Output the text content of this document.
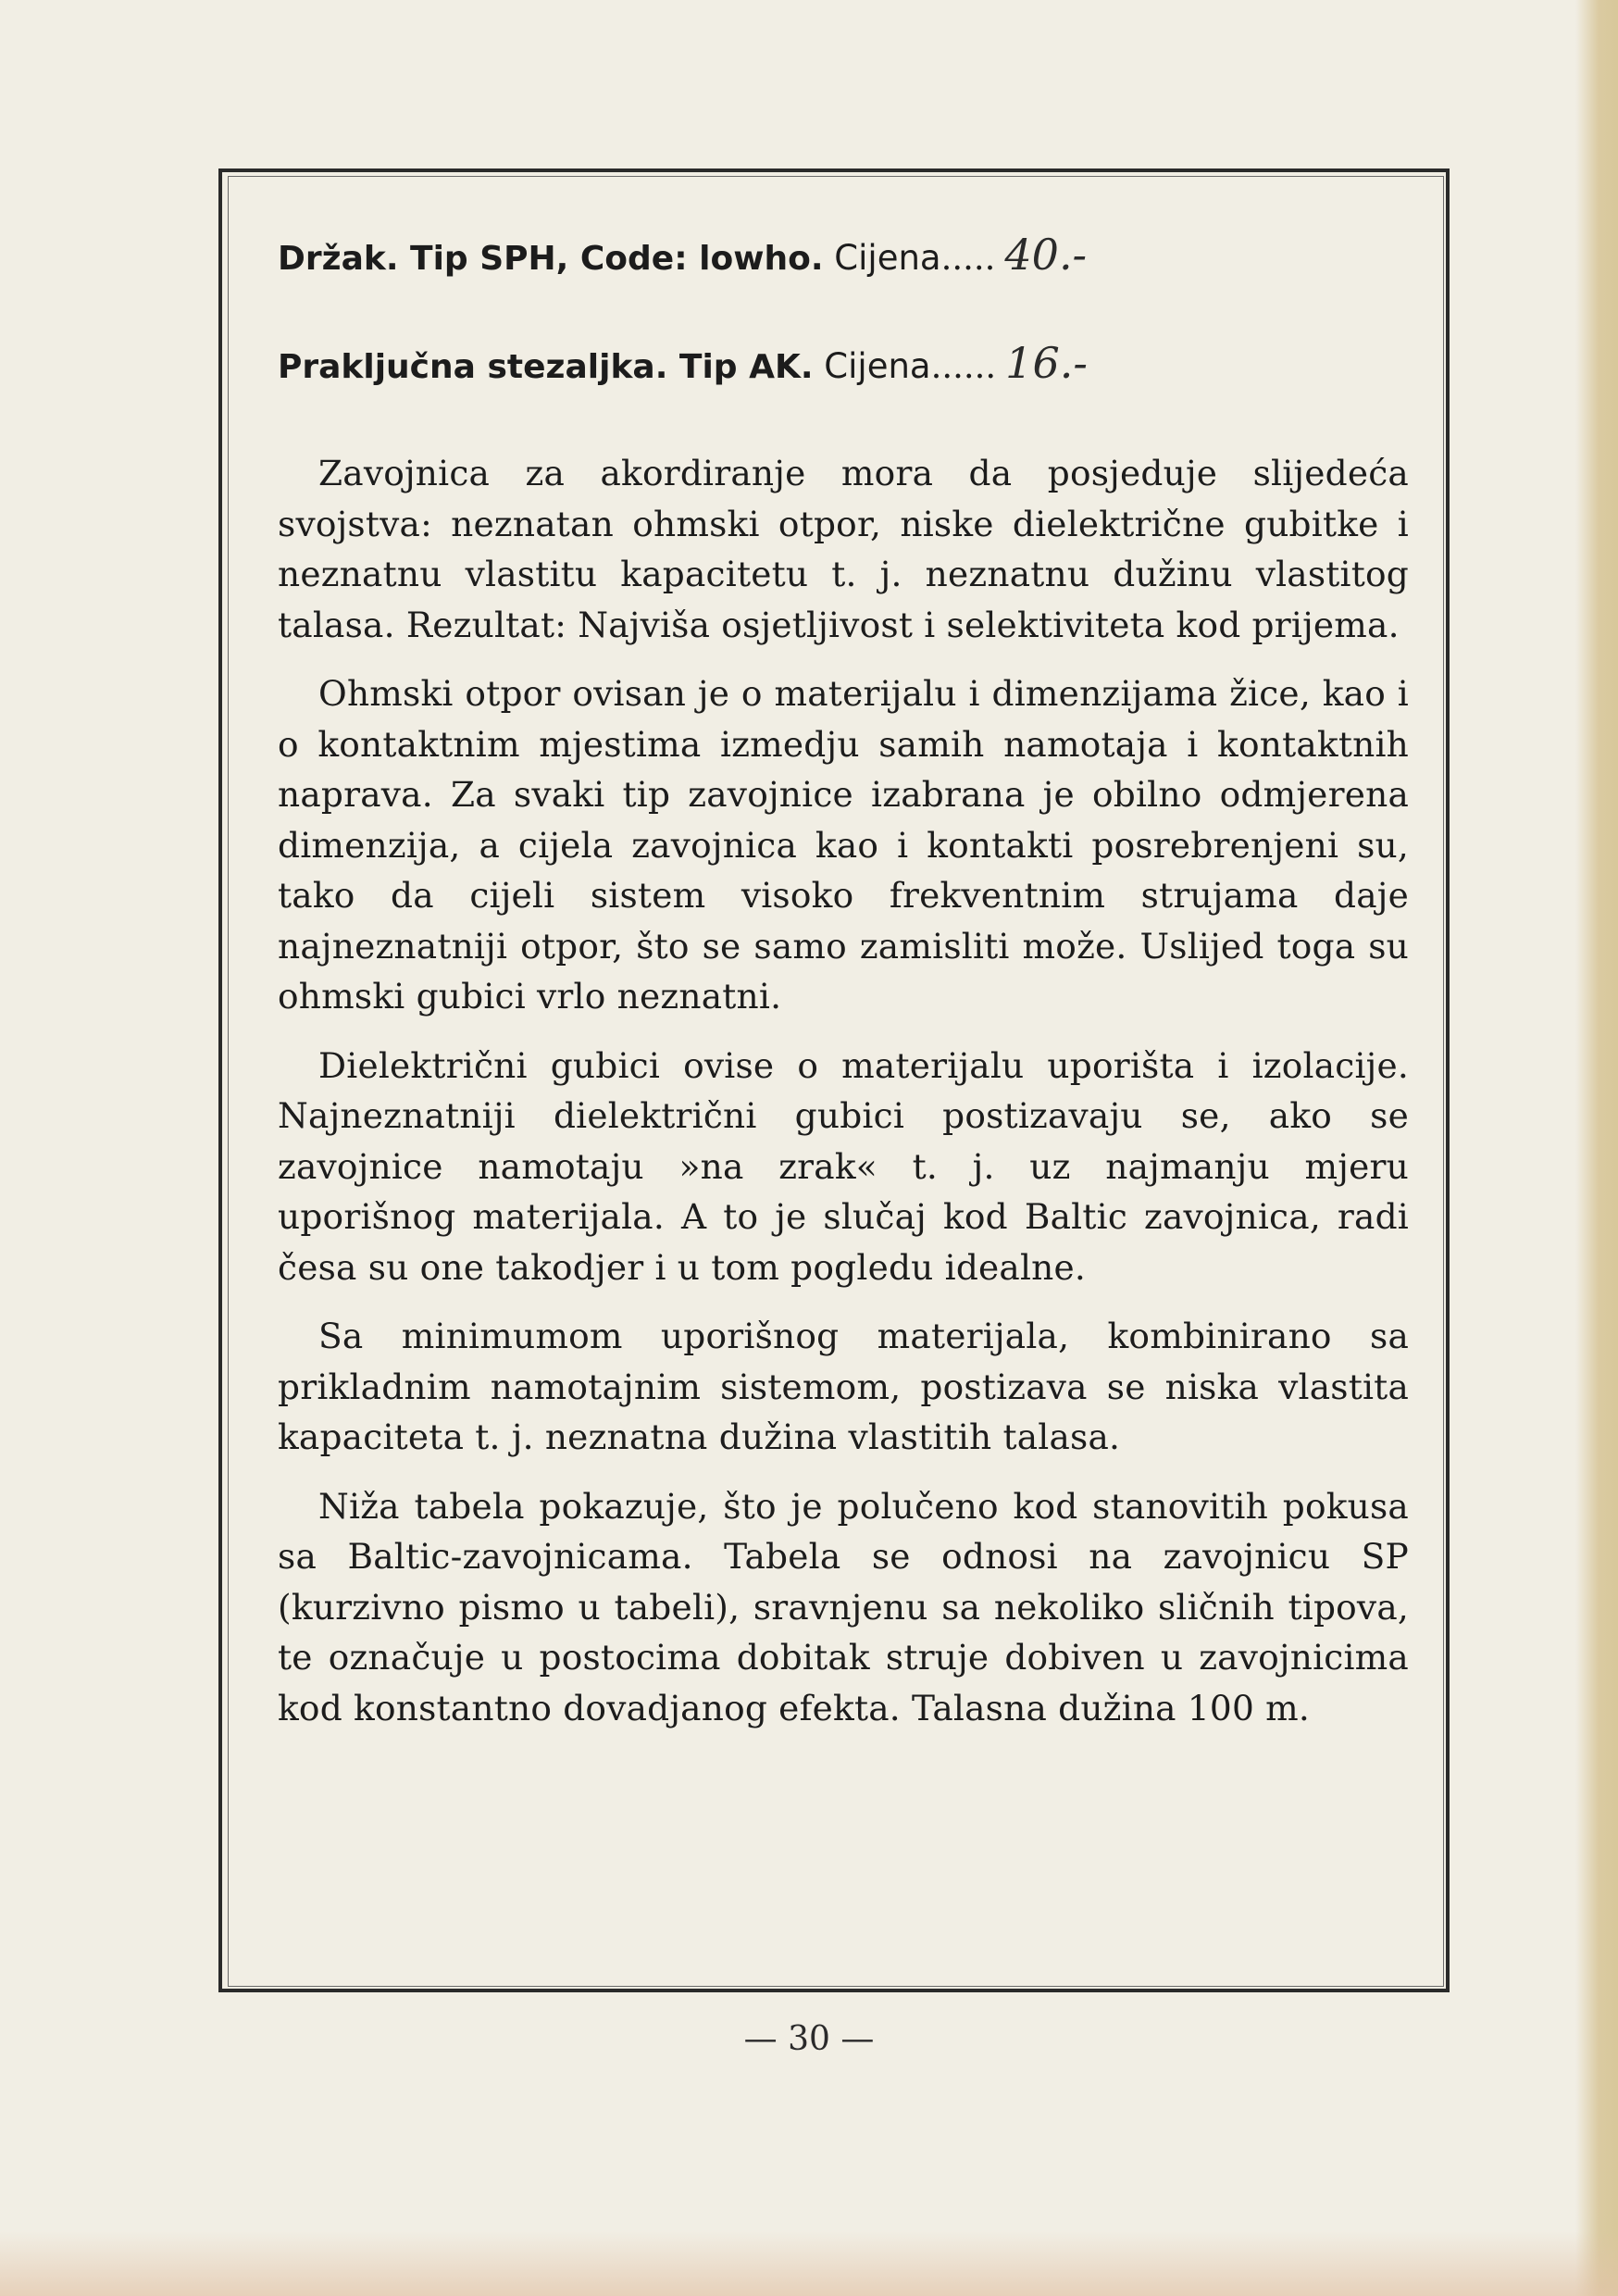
Držak. Tip SPH, Code: lowho. Cijena..... 40.-
Praključna stezaljka. Tip AK. Cijena...... 16.-

Zavojnica za akordiranje mora da posjeduje slijedeća svojstva: neznatan ohmski otpor, niske dielektrične gubitke i neznatnu vlastitu kapacitetu t. j. neznatnu dužinu vlastitog talasa. Rezultat: Najviša osjetljivost i selektiviteta kod prijema.

Ohmski otpor ovisan je o materijalu i dimenzijama žice, kao i o kontaktnim mjestima izmedju samih namotaja i kontaktnih naprava. Za svaki tip zavojnice izabrana je obilno odmjerena dimenzija, a cijela zavojnica kao i kontakti posrebrenjeni su, tako da cijeli sistem visoko frekventnim strujama daje najneznatniji otpor, što se samo zamisliti može. Uslijed toga su ohmski gubici vrlo neznatni.

Dielektrični gubici ovise o materijalu uporišta i izolacije. Najneznatniji dielektrični gubici postizavaju se, ako se zavojnice namotaju »na zrak« t. j. uz najmanju mjeru uporišnog materijala. A to je slučaj kod Baltic zavojnica, radi česa su one takodjer i u tom pogledu idealne.

Sa minimumom uporišnog materijala, kombinirano sa prikladnim namotajnim sistemom, postizava se niska vlastita kapaciteta t. j. neznatna dužina vlastitih talasa.

Niža tabela pokazuje, što je polučeno kod stanovitih pokusa sa Baltic-zavojnicama. Tabela se odnosi na zavojnicu SP (kurzivno pismo u tabeli), sravnjenu sa nekoliko sličnih tipova, te označuje u postocima dobitak struje dobiven u zavojnicima kod konstantno dovadjanog efekta. Talasna dužina 100 m.

— 30 —
